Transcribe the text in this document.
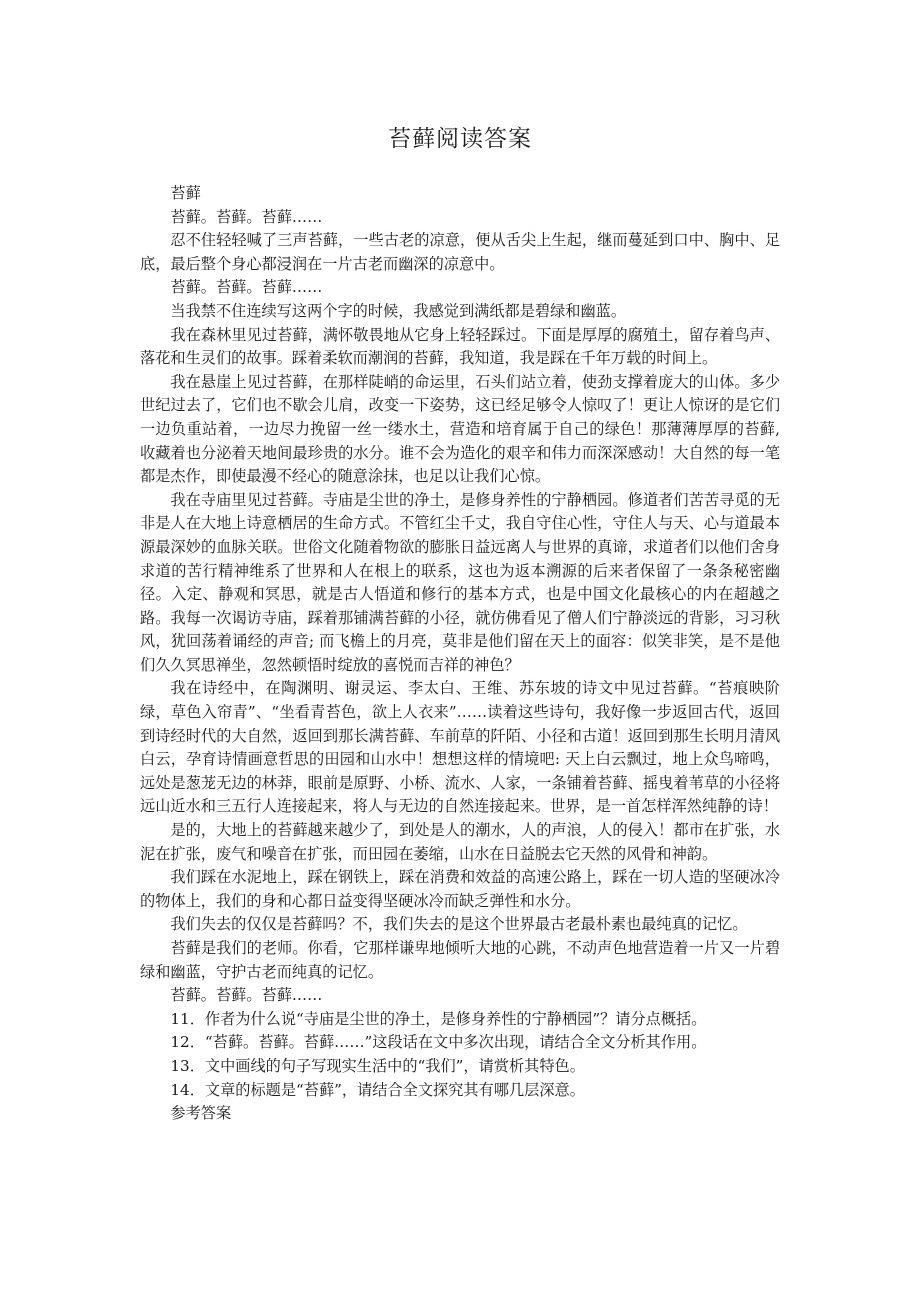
苔藓阅读答案

苔藓

苔藓。苔藓。苔藓……

忍不住轻轻喊了三声苔藓，一些古老的凉意，便从舌尖上生起，继而蔓延到口中、胸中、足底，最后整个身心都浸润在一片古老而幽深的凉意中。

苔藓。苔藓。苔藓……

当我禁不住连续写这两个字的时候，我感觉到满纸都是碧绿和幽蓝。

我在森林里见过苔藓，满怀敬畏地从它身上轻轻踩过。下面是厚厚的腐殖土，留存着鸟声、落花和生灵们的故事。踩着柔软而潮润的苔藓，我知道，我是踩在千年万载的时间上。

我在悬崖上见过苔藓，在那样陡峭的命运里，石头们站立着，使劲支撑着庞大的山体。多少世纪过去了，它们也不歇会儿肩，改变一下姿势，这已经足够令人惊叹了！更让人惊讶的是它们一边负重站着，一边尽力挽留一丝一缕水土，营造和培育属于自己的绿色！那薄薄厚厚的苔藓,收藏着也分泌着天地间最珍贵的水分。谁不会为造化的艰辛和伟力而深深感动！大自然的每一笔都是杰作，即使最漫不经心的随意涂抹，也足以让我们心惊。

我在寺庙里见过苔藓。寺庙是尘世的净土，是修身养性的宁静栖园。修道者们苦苦寻觅的无非是人在大地上诗意栖居的生命方式。不管红尘千丈，我自守住心性，守住人与天、心与道最本源最深妙的血脉关联。世俗文化随着物欲的膨胀日益远离人与世界的真谛，求道者们以他们舍身求道的苦行精神维系了世界和人在根上的联系，这也为返本溯源的后来者保留了一条条秘密幽径。入定、静观和冥思，就是古人悟道和修行的基本方式，也是中国文化最核心的内在超越之路。我每一次谒访寺庙，踩着那铺满苔藓的小径，就仿佛看见了僧人们宁静淡远的背影，习习秋风，犹回荡着诵经的声音; 而飞檐上的月亮，莫非是他们留在天上的面容：似笑非笑，是不是他们久久冥思禅坐，忽然顿悟时绽放的喜悦而吉祥的神色？

我在诗经中，在陶渊明、谢灵运、李太白、王维、苏东坡的诗文中见过苔藓。“苔痕映阶绿，草色入帘青”、“坐看青苔色，欲上人衣来”……读着这些诗句，我好像一步返回古代，返回到诗经时代的大自然，返回到那长满苔藓、车前草的阡陌、小径和古道！返回到那生长明月清风白云，孕育诗情画意哲思的田园和山水中！想想这样的情境吧: 天上白云飘过，地上众鸟啼鸣，远处是葱茏无边的林莽，眼前是原野、小桥、流水、人家，一条铺着苔藓、摇曳着苇草的小径将远山近水和三五行人连接起来，将人与无边的自然连接起来。世界，是一首怎样浑然纯静的诗！

是的，大地上的苔藓越来越少了，到处是人的潮水，人的声浪，人的侵入！都市在扩张，水泥在扩张，废气和噪音在扩张，而田园在萎缩，山水在日益脱去它天然的风骨和神韵。

我们踩在水泥地上，踩在钢铁上，踩在消费和效益的高速公路上，踩在一切人造的坚硬冰冷的物体上，我们的身和心都日益变得坚硬冰冷而缺乏弹性和水分。

我们失去的仅仅是苔藓吗？不，我们失去的是这个世界最古老最朴素也最纯真的记忆。

苔藓是我们的老师。你看，它那样谦卑地倾听大地的心跳，不动声色地营造着一片又一片碧绿和幽蓝，守护古老而纯真的记忆。

苔藓。苔藓。苔藓……

11．作者为什么说“寺庙是尘世的净土，是修身养性的宁静栖园”？请分点概括。

12．“苔藓。苔藓。苔藓……”这段话在文中多次出现，请结合全文分析其作用。

13．文中画线的句子写现实生活中的“我们”，请赏析其特色。

14．文章的标题是“苔藓”，请结合全文探究其有哪几层深意。

参考答案
